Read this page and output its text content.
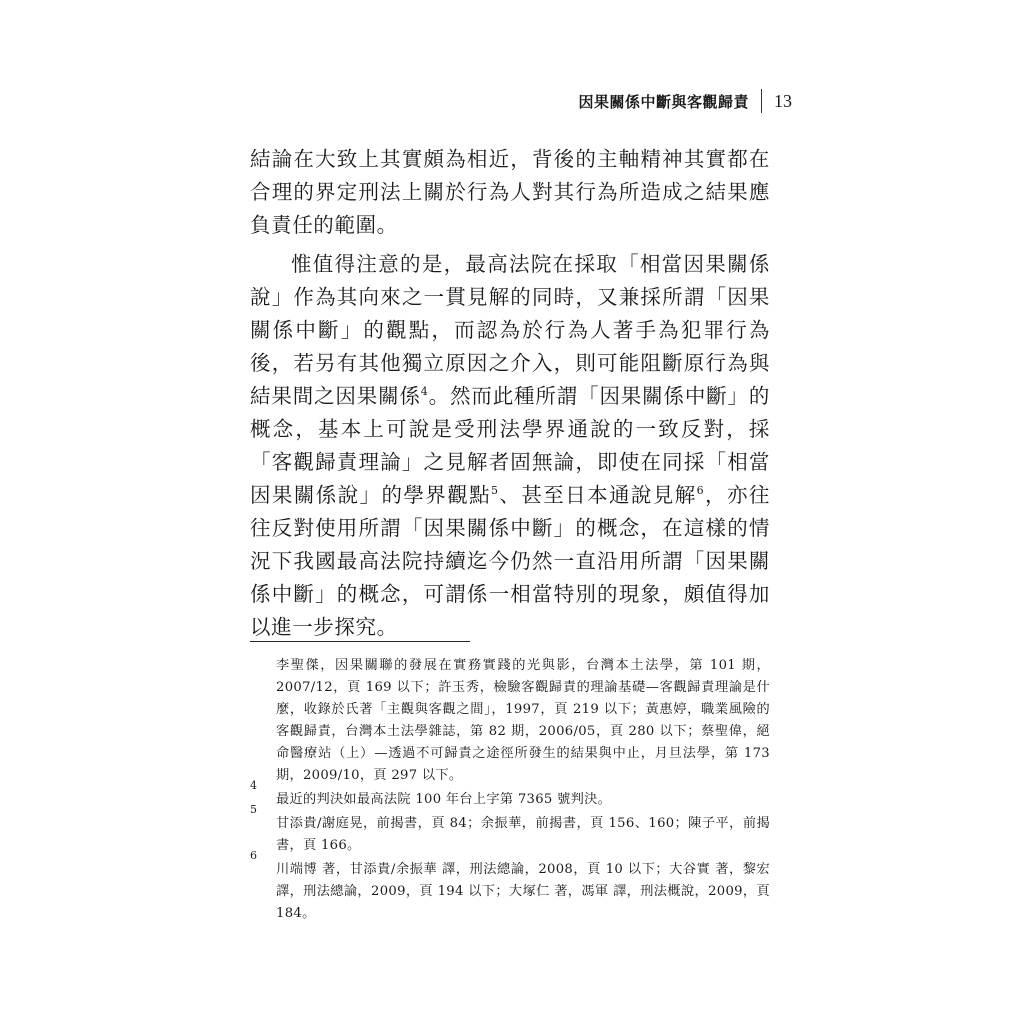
因果關係中斷與客觀歸責 13

結論在大致上其實頗為相近，背後的主軸精神其實都在合理的界定刑法上關於行為人對其行為所造成之結果應負責任的範圍。

惟值得注意的是，最高法院在採取「相當因果關係說」作為其向來之一貫見解的同時，又兼採所謂「因果關係中斷」的觀點，而認為於行為人著手為犯罪行為後，若另有其他獨立原因之介入，則可能阻斷原行為與結果間之因果關係$^4$。然而此種所謂「因果關係中斷」的概念，基本上可說是受刑法學界通說的一致反對，採「客觀歸責理論」之見解者固無論，即使在同採「相當因果關係說」的學界觀點$^5$、甚至日本通說見解$^6$，亦往往反對使用所謂「因果關係中斷」的概念，在這樣的情況下我國最高法院持續迄今仍然一直沿用所謂「因果關係中斷」的概念，可謂係一相當特別的現象，頗值得加以進一步探究。

李聖傑，因果關聯的發展在實務實踐的光與影，台灣本土法學，第 101 期，2007/12，頁 169 以下；許玉秀，檢驗客觀歸責的理論基礎—客觀歸責理論是什麼，收錄於氏著「主觀與客觀之間」，1997，頁 219 以下；黃惠婷，職業風險的客觀歸責，台灣本土法學雜誌，第 82 期，2006/05，頁 280 以下；蔡聖偉，絕命醫療站（上）—透過不可歸責之途徑所發生的結果與中止，月旦法學，第 173 期，2009/10，頁 297 以下。
4
最近的判決如最高法院 100 年台上字第 7365 號判決。
5
甘添貴/謝庭晃，前揭書，頁 84；余振華，前揭書，頁 156、160；陳子平，前揭書，頁 166。
6
川端博 著，甘添貴/余振華 譯，刑法總論，2008，頁 10 以下；大谷實 著，黎宏 譯，刑法總論，2009，頁 194 以下；大塚仁 著，馮軍 譯，刑法概說，2009，頁 184。
